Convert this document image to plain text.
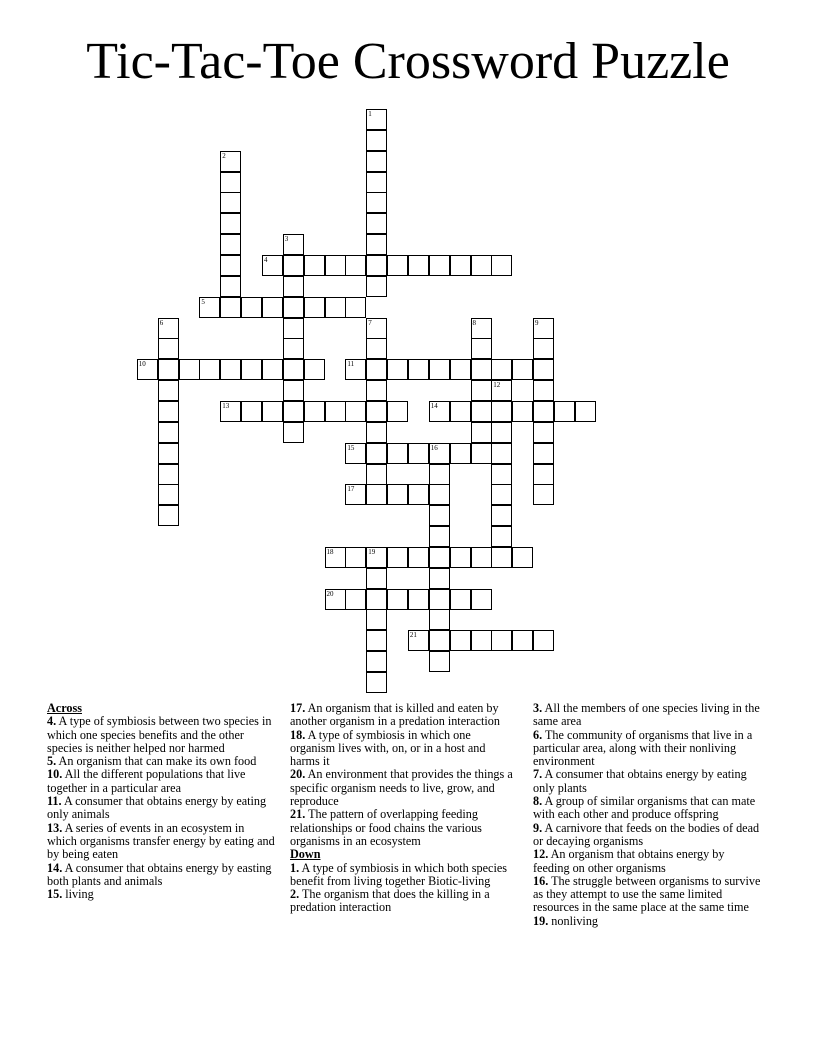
Tic-Tac-Toe Crossword Puzzle
1
2
3
4
5
6	7	8	9
10	11
12
13	14
15	16
17
18	19
20
21
Across
4. A type of symbiosis between two species in which one species benefits and the other species is neither helped nor harmed
5. An organism that can make its own food
10. All the different populations that live together in a particular area
11. A consumer that obtains energy by eating only animals
13. A series of events in an ecosystem in which organisms transfer energy by eating and by being eaten
14. A consumer that obtains energy by easting both plants and animals
15. living
17. An organism that is killed and eaten by another organism in a predation interaction
18. A type of symbiosis in which one organism lives with, on, or in a host and harms it
20. An environment that provides the things a specific organism needs to live, grow, and reproduce
21. The pattern of overlapping feeding relationships or food chains the various organisms in an ecosystem
Down
1. A type of symbiosis in which both species benefit from living together Biotic-living
2. The organism that does the killing in a predation interaction
3. All the members of one species living in the same area
6. The community of organisms that live in a particular area, along with their nonliving environment
7. A consumer that obtains energy by eating only plants
8. A group of similar organisms that can mate with each other and produce offspring
9. A carnivore that feeds on the bodies of dead or decaying organisms
12. An organism that obtains energy by feeding on other organisms
16. The struggle between organisms to survive as they attempt to use the same limited resources in the same place at the same time
19. nonliving
